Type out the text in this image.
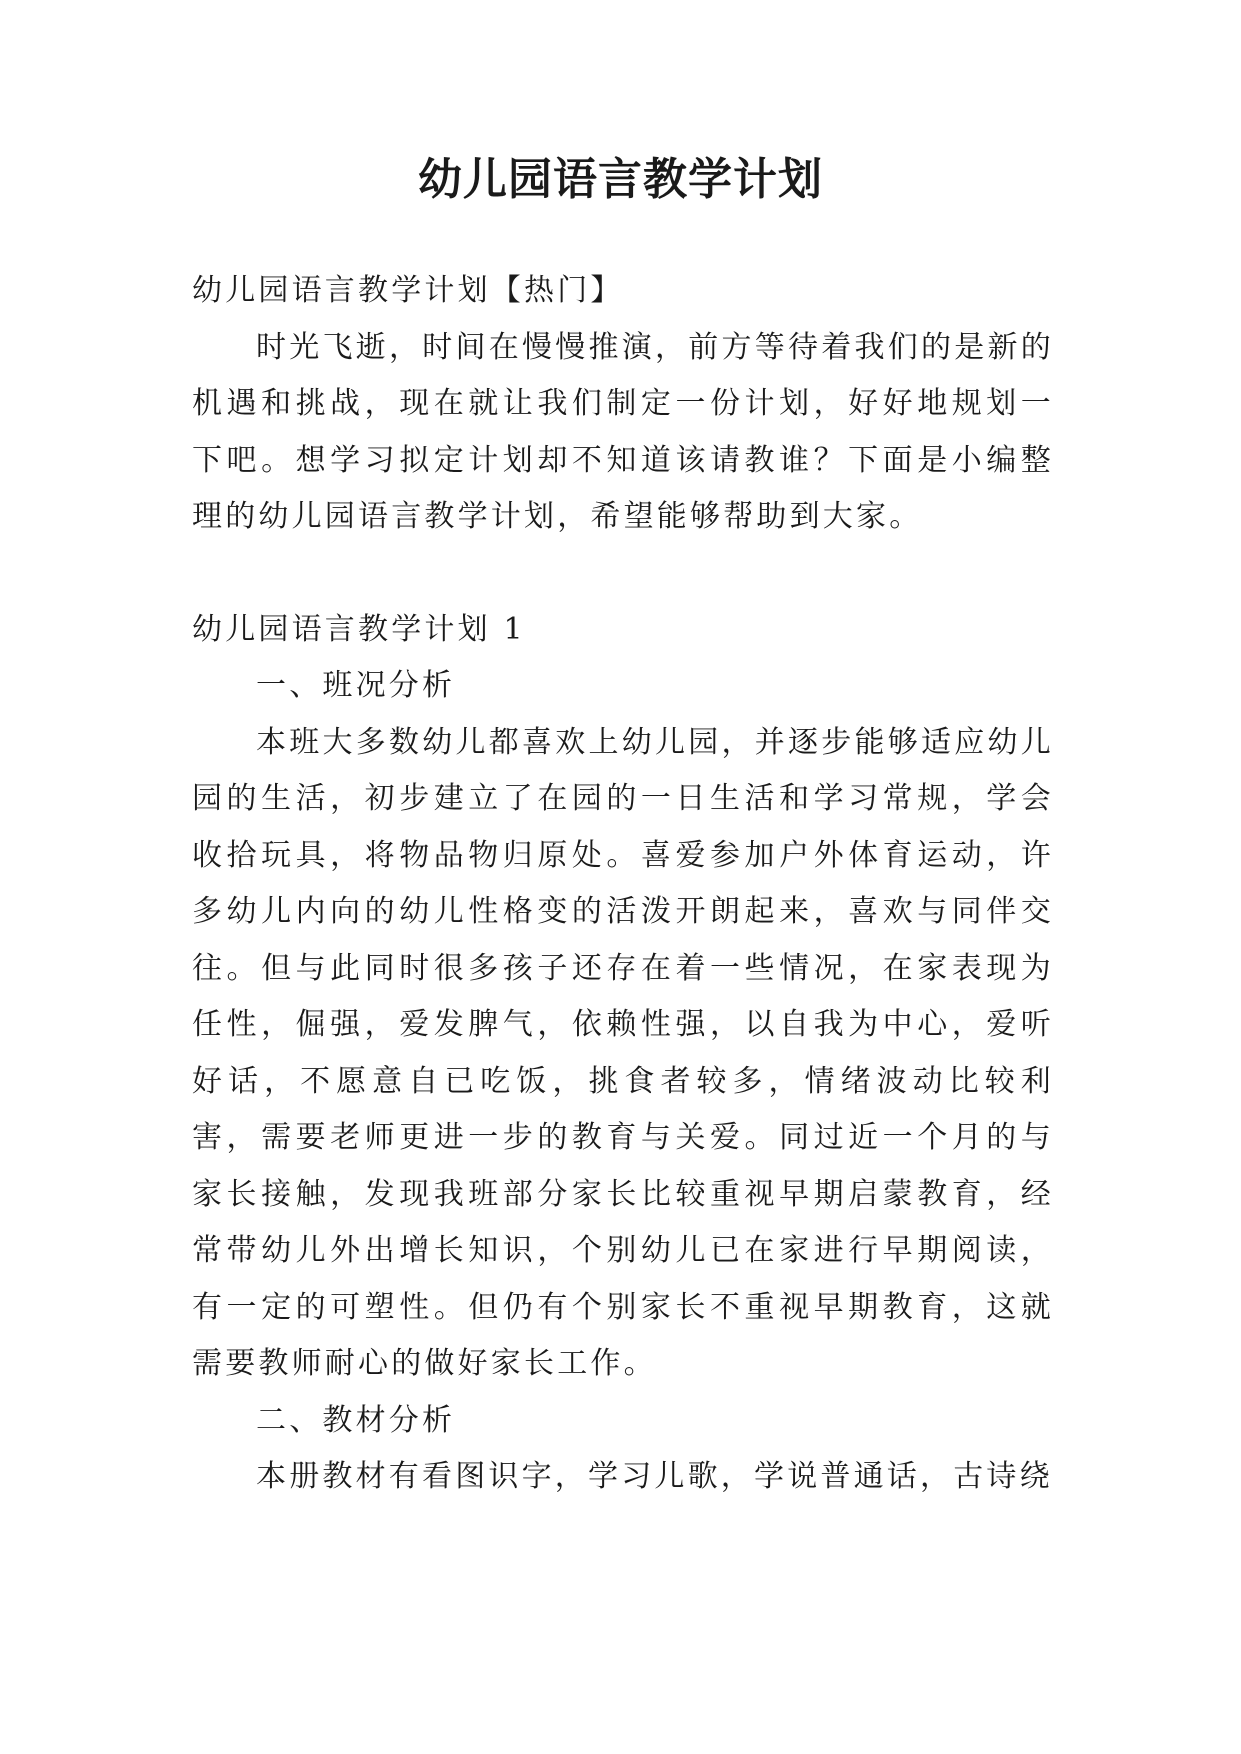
幼儿园语言教学计划

幼儿园语言教学计划【热门】

时光飞逝，时间在慢慢推演，前方等待着我们的是新的机遇和挑战，现在就让我们制定一份计划，好好地规划一下吧。想学习拟定计划却不知道该请教谁？下面是小编整理的幼儿园语言教学计划，希望能够帮助到大家。

幼儿园语言教学计划 1

一、班况分析

本班大多数幼儿都喜欢上幼儿园，并逐步能够适应幼儿园的生活，初步建立了在园的一日生活和学习常规，学会收拾玩具，将物品物归原处。喜爱参加户外体育运动，许多幼儿内向的幼儿性格变的活泼开朗起来，喜欢与同伴交往。但与此同时很多孩子还存在着一些情况，在家表现为任性，倔强，爱发脾气，依赖性强，以自我为中心，爱听好话，不愿意自已吃饭，挑食者较多，情绪波动比较利害，需要老师更进一步的教育与关爱。同过近一个月的与家长接触，发现我班部分家长比较重视早期启蒙教育，经常带幼儿外出增长知识，个别幼儿已在家进行早期阅读，有一定的可塑性。但仍有个别家长不重视早期教育，这就需要教师耐心的做好家长工作。

二、教材分析

本册教材有看图识字，学习儿歌，学说普通话，古诗绕
